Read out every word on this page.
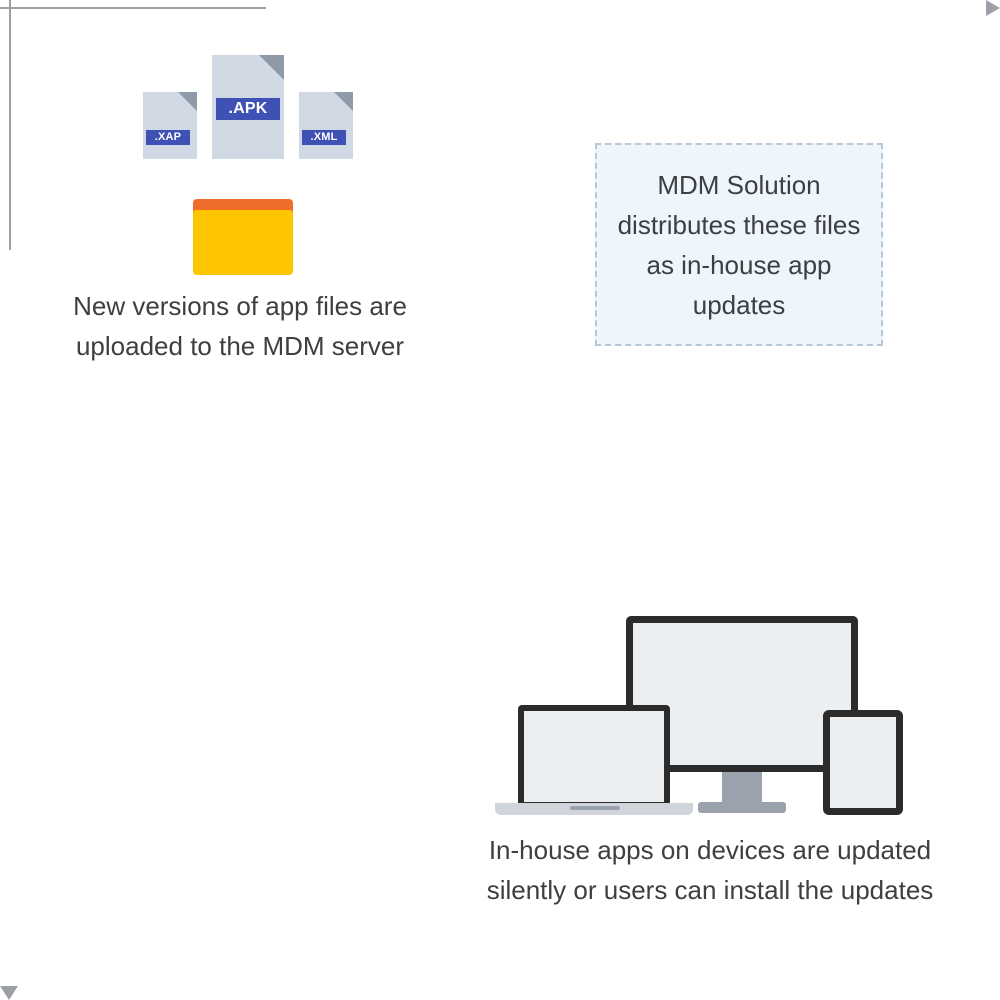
.XAP
.APK
.XML
New versions of app files are uploaded to the MDM server
MDM Solution distributes these files as in-house app updates
In-house apps on devices are updated silently or users can install the updates
